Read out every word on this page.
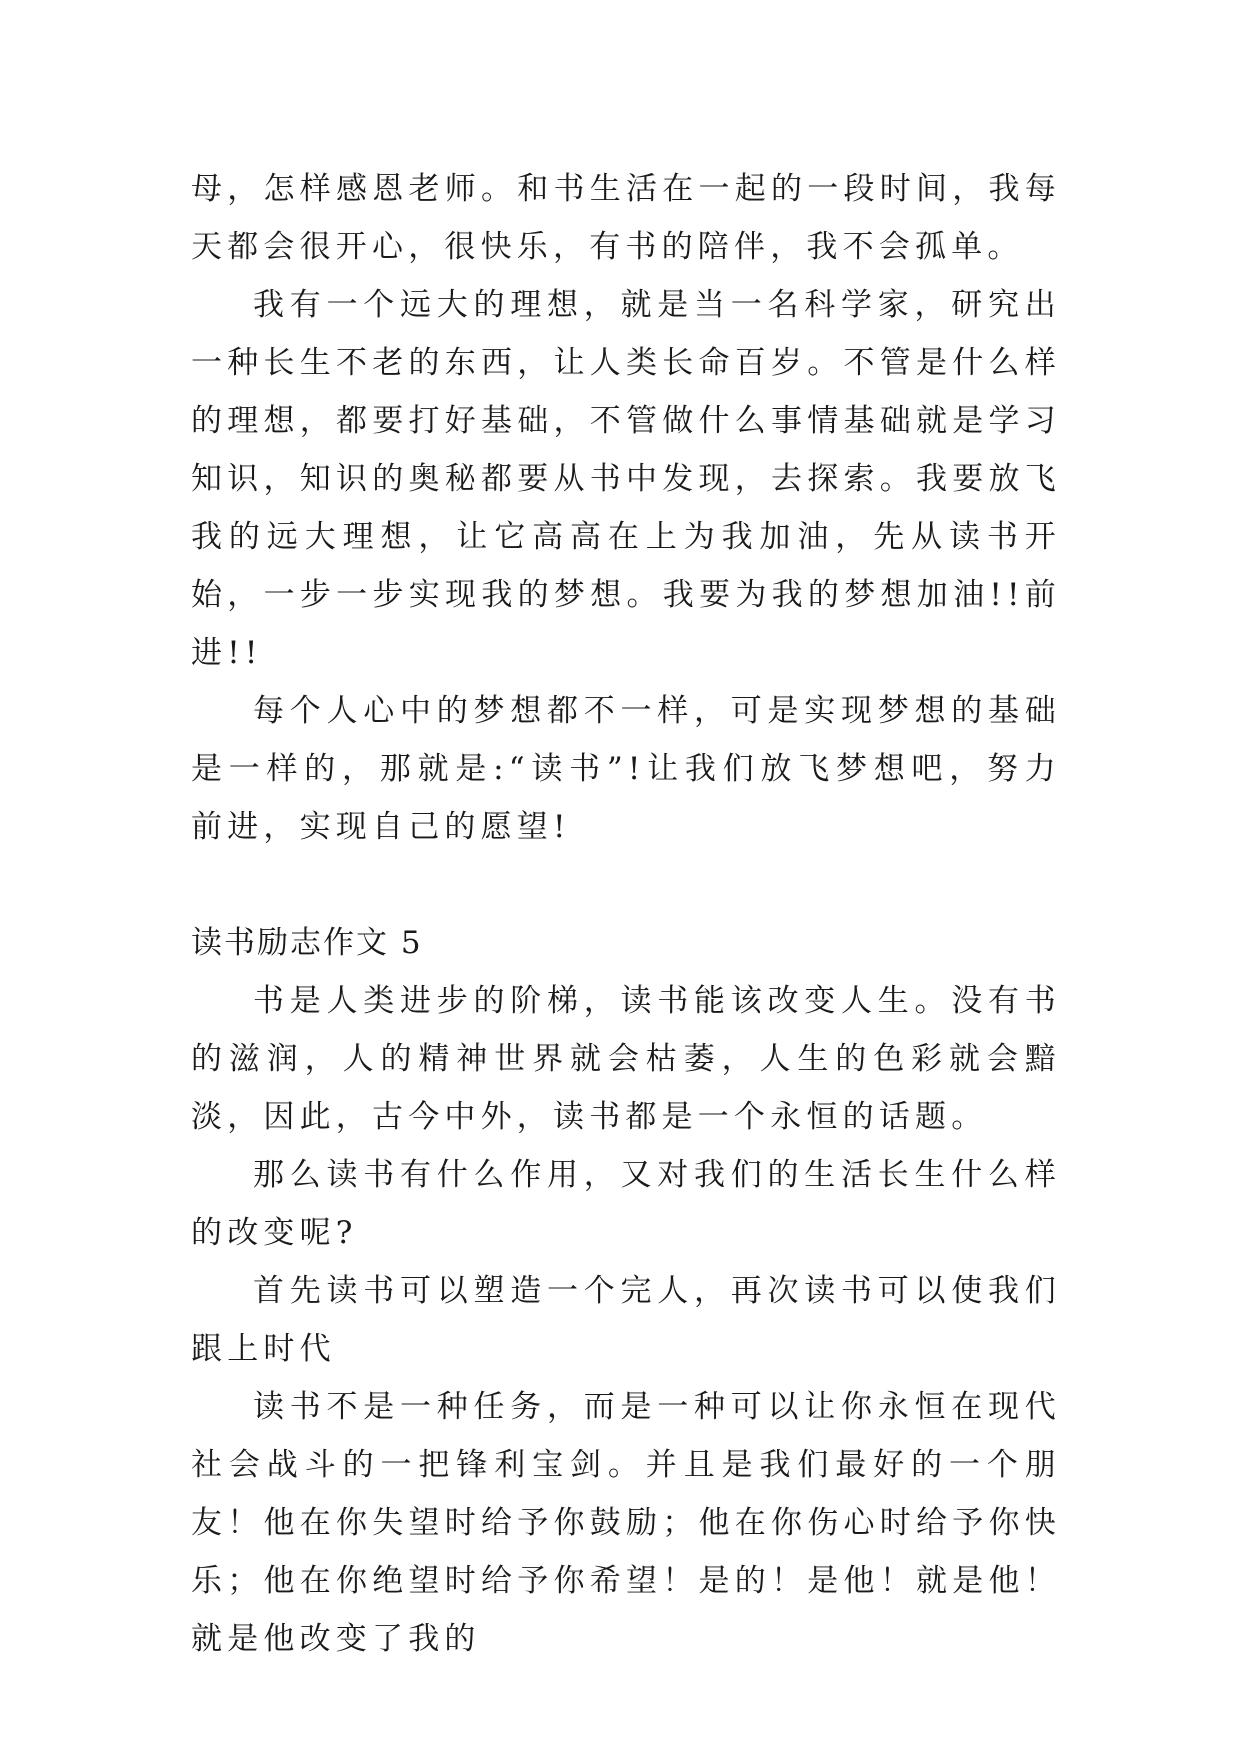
母，怎样感恩老师。和书生活在一起的一段时间，我每天都会很开心，很快乐，有书的陪伴，我不会孤单。

我有一个远大的理想，就是当一名科学家，研究出一种长生不老的东西，让人类长命百岁。不管是什么样的理想，都要打好基础，不管做什么事情基础就是学习知识，知识的奥秘都要从书中发现，去探索。我要放飞我的远大理想，让它高高在上为我加油，先从读书开始，一步一步实现我的梦想。我要为我的梦想加油!!前进!!

每个人心中的梦想都不一样，可是实现梦想的基础是一样的，那就是:“读书”!让我们放飞梦想吧，努力前进，实现自己的愿望!

读书励志作文 5

书是人类进步的阶梯，读书能该改变人生。没有书的滋润，人的精神世界就会枯萎，人生的色彩就会黯淡，因此，古今中外，读书都是一个永恒的话题。

那么读书有什么作用，又对我们的生活长生什么样的改变呢?

首先读书可以塑造一个完人，再次读书可以使我们跟上时代

读书不是一种任务，而是一种可以让你永恒在现代社会战斗的一把锋利宝剑。并且是我们最好的一个朋友！他在你失望时给予你鼓励；他在你伤心时给予你快乐；他在你绝望时给予你希望！是的！是他！就是他！就是他改变了我的
